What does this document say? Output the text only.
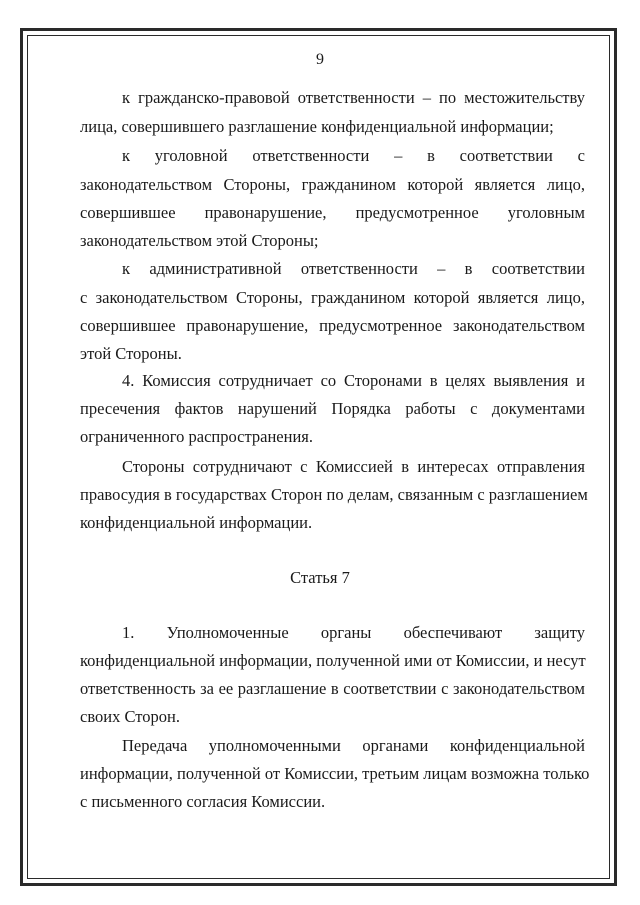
9
к гражданско-правовой ответственности – по местожительству
лица, совершившего разглашение конфиденциальной информации;
к уголовной ответственности – в соответствии с
законодательством Стороны, гражданином которой является лицо,
совершившее правонарушение, предусмотренное уголовным
законодательством этой Стороны;
к административной ответственности – в соответствии
с законодательством Стороны, гражданином которой является лицо,
совершившее правонарушение, предусмотренное законодательством
этой Стороны.
4. Комиссия сотрудничает со Сторонами в целях выявления и
пресечения фактов нарушений Порядка работы с документами
ограниченного распространения.
Стороны сотрудничают с Комиссией в интересах отправления
правосудия в государствах Сторон по делам, связанным с разглашением
конфиденциальной информации.
Статья 7
1. Уполномоченные органы обеспечивают защиту
конфиденциальной информации, полученной ими от Комиссии, и несут
ответственность за ее разглашение в соответствии с законодательством
своих Сторон.
Передача уполномоченными органами конфиденциальной
информации, полученной от Комиссии, третьим лицам возможна только
с письменного согласия Комиссии.
